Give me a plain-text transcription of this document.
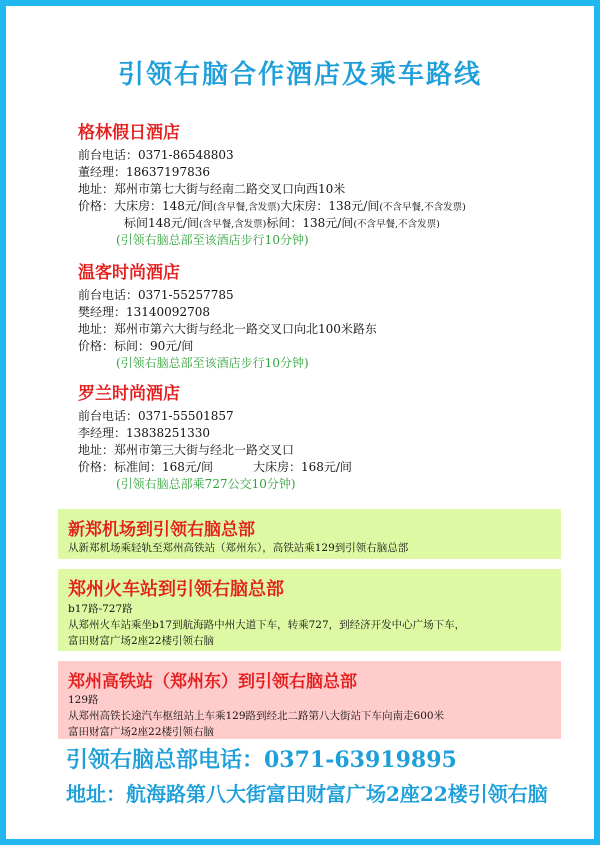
引领右脑合作酒店及乘车路线
格林假日酒店
前台电话：0371-86548803
董经理：18637197836
地址：郑州市第七大街与经南二路交叉口向西10米
价格：大床房：148元/间(含早餐,含发票)大床房：138元/间(不含早餐,不含发票)
标间148元/间(含早餐,含发票)标间：138元/间(不含早餐,不含发票)
(引领右脑总部至该酒店步行10分钟)
温客时尚酒店
前台电话：0371-55257785
樊经理：13140092708
地址：郑州市第六大街与经北一路交叉口向北100米路东
价格：标间：90元/间
(引领右脑总部至该酒店步行10分钟)
罗兰时尚酒店
前台电话：0371-55501857
李经理：13838251330
地址：郑州市第三大街与经北一路交叉口
价格：标准间：168元/间	大床房：168元/间
(引领右脑总部乘727公交10分钟)
新郑机场到引领右脑总部
从新郑机场乘轻轨至郑州高铁站（郑州东），高铁站乘129到引领右脑总部
郑州火车站到引领右脑总部
b17路-727路
从郑州火车站乘坐b17到航海路中州大道下车，转乘727，到经济开发中心广场下车，
富田财富广场2座22楼引领右脑
郑州高铁站（郑州东）到引领右脑总部
129路
从郑州高铁长途汽车枢纽站上车乘129路到经北二路第八大街站下车向南走600米
富田财富广场2座22楼引领右脑
引领右脑总部电话：0371-63919895
地址：航海路第八大街富田财富广场2座22楼引领右脑
